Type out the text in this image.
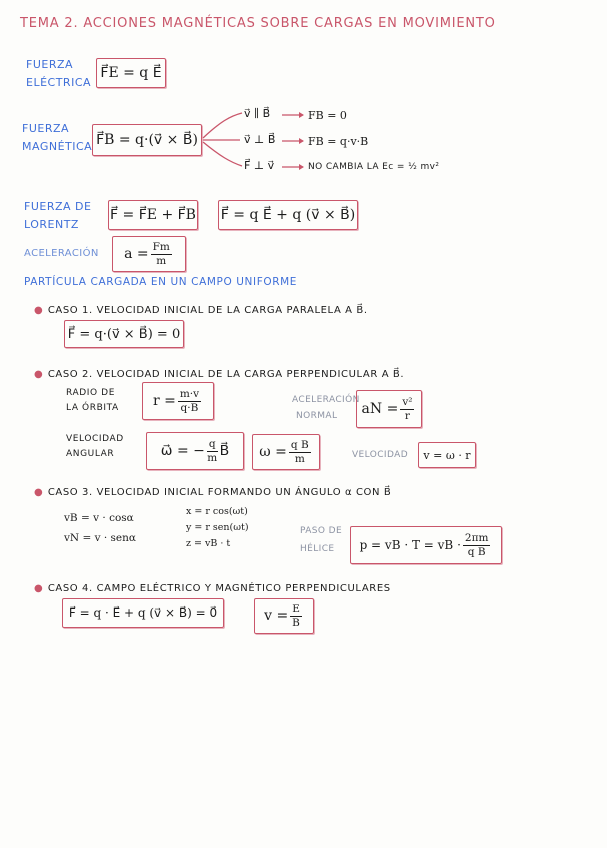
TEMA 2. ACCIONES MAGNÉTICAS SOBRE CARGAS EN MOVIMIENTO
FUERZA
ELÉCTRICA
F⃗E = q E⃗
FUERZA
MAGNÉTICA F⃗B = q·(v⃗ × B⃗)
v⃗ ∥ B⃗	FB = 0
v⃗ ⊥ B⃗	FB = q·v·B
F⃗ ⊥ v⃗	NO CAMBIA LA Ec = ½ mv²
FUERZA DE
LORENTZ
F⃗ = F⃗E + F⃗B F⃗ = q E⃗ + q (v⃗ × B⃗)
ACELERACIÓN $a = \frac{Fm}{m}$
PARTÍCULA CARGADA EN UN CAMPO UNIFORME
● CASO 1. VELOCIDAD INICIAL DE LA CARGA PARALELA A B⃗.
F⃗ = q·(v⃗ × B⃗) = 0
● CASO 2. VELOCIDAD INICIAL DE LA CARGA PERPENDICULAR A B⃗.
RADIO DE
LA ÓRBITA $r = \frac{m\cdot v}{q\cdot B}$	ACELERACIÓN
NORMAL	aN = $\frac{\text{v²}}{r}$
VELOCIDAD
ANGULAR	ω⃗ = − $\frac{q}{m}$ B⃗ $\omega = \frac{\text{q B}}{m}$	VELOCIDAD	v = ω · r
● CASO 3. VELOCIDAD INICIAL FORMANDO UN ÁNGULO α CON B⃗
vB = v · cosα
vN = v · senα
x = r cos(ωt)
y = r sen(ωt)
z = vB · t
PASO DE
HÉLICE	p = vB · T = vB · $\frac{2\pi m}{\text{q B}}$
● CASO 4. CAMPO ELÉCTRICO Y MAGNÉTICO PERPENDICULARES
F⃗ = q · E⃗ + q (v⃗ × B⃗) = 0⃗	$v = \frac{E}{B}$
